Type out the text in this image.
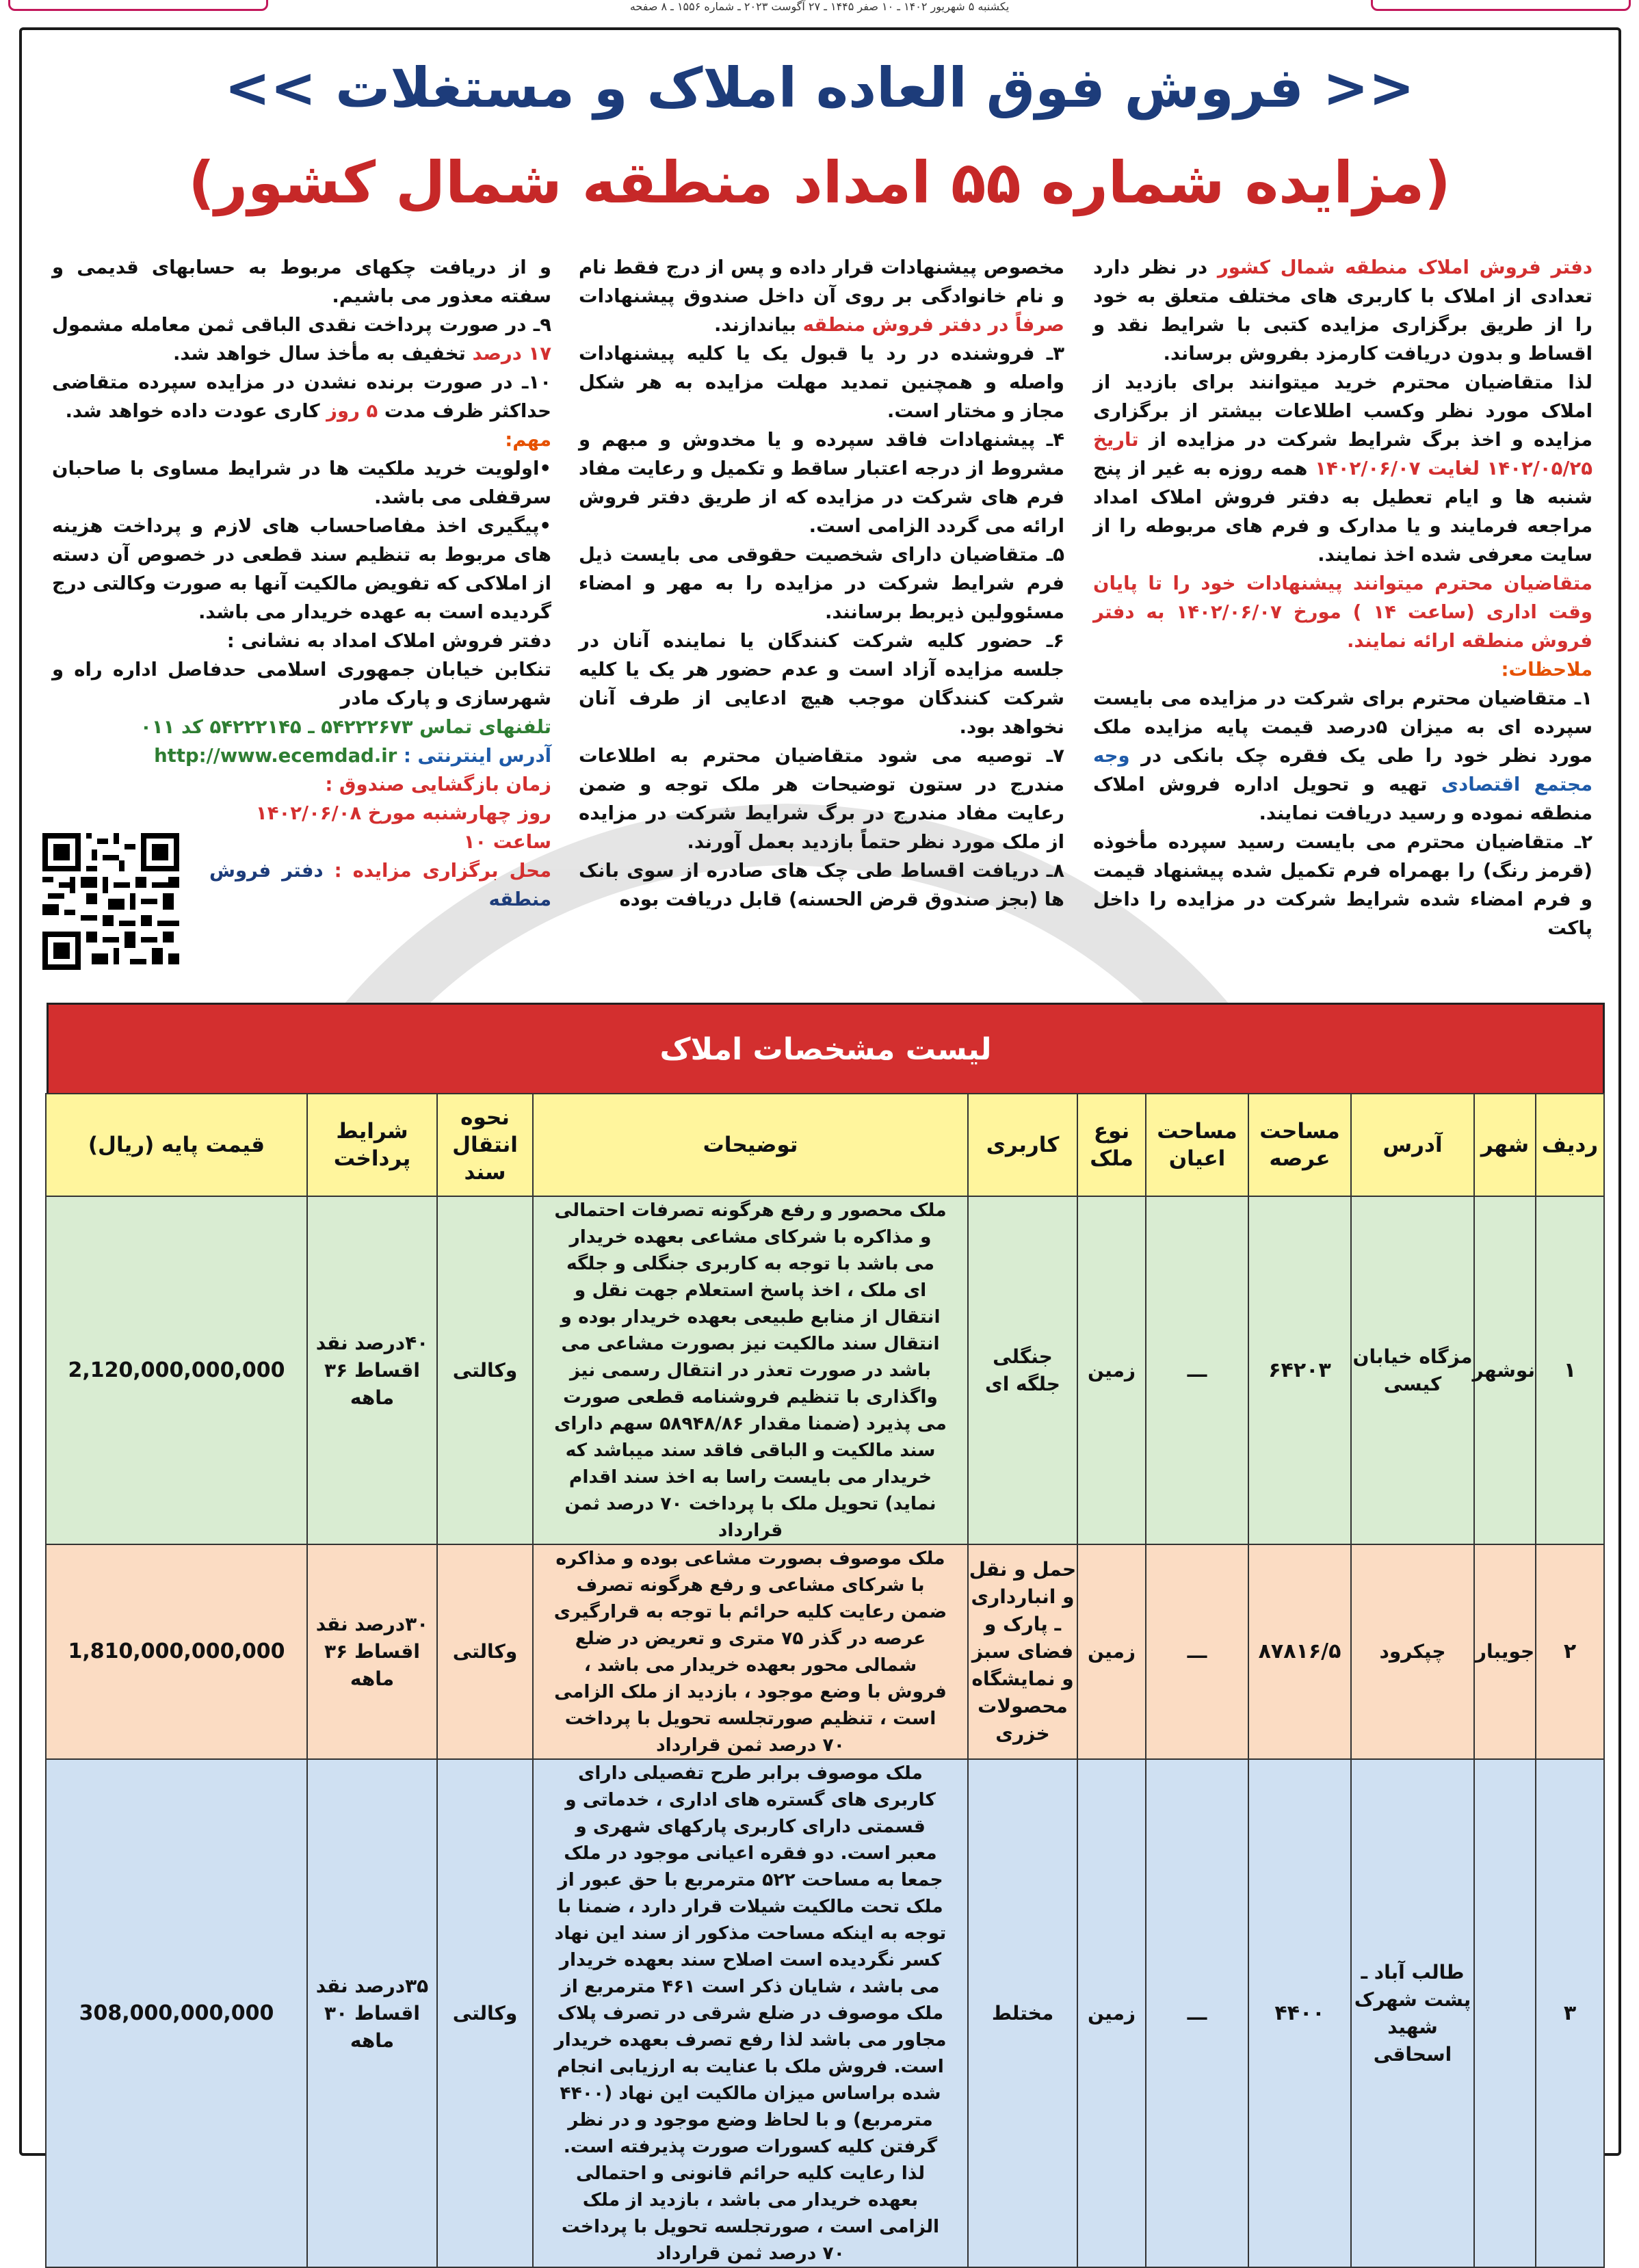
یکشنبه ۵ شهریور ۱۴۰۲ ـ ۱۰ صفر ۱۴۴۵ ـ ۲۷ آگوست ۲۰۲۳ ـ شماره ۱۵۵۶ ـ ۸ صفحه
<< فروش فوق العاده املاک و مستغلات >>
(مزایده شماره ۵۵ امداد منطقه شمال کشور)

دفتر فروش املاک منطقه شمال کشور در نظر دارد تعدادی از املاک با کاربری های مختلف متعلق به خود را از طریق برگزاری مزایده کتبی با شرایط نقد و اقساط و بدون دریافت کارمزد بفروش برساند.

لذا متقاضیان محترم خرید میتوانند برای بازدید از املاک مورد نظر وکسب اطلاعات بیشتر از برگزاری مزایده و اخذ برگ شرایط شرکت در مزایده از تاریخ ۱۴۰۲/۰۵/۲۵ لغایت ۱۴۰۲/۰۶/۰۷ همه روزه به غیر از پنج شنبه ها و ایام تعطیل به دفتر فروش املاک امداد مراجعه فرمایند و یا مدارک و فرم های مربوطه را از سایت معرفی شده اخذ نمایند.

متقاضیان محترم میتوانند پیشنهادات خود را تا پایان وقت اداری (ساعت ۱۴ ) مورخ ۱۴۰۲/۰۶/۰۷ به دفتر فروش منطقه ارائه نمایند.

ملاحظات:

۱ـ متقاضیان محترم برای شرکت در مزایده می بایست سپرده ای به میزان ۵درصد قیمت پایه مزایده ملک مورد نظر خود را طی یک فقره چک بانکی در وجه مجتمع اقتصادی تهیه و تحویل اداره فروش املاک منطقه نموده و رسید دریافت نمایند.

۲ـ متقاضیان محترم می بایست رسید سپرده مأخوذه (قرمز رنگ) را بهمراه فرم تکمیل شده پیشنهاد قیمت و فرم امضاء شده شرایط شرکت در مزایده را داخل پاکت

مخصوص پیشنهادات قرار داده و پس از درج فقط نام و نام خانوادگی بر روی آن داخل صندوق پیشنهادات صرفاً در دفتر فروش منطقه بیاندازند.

۳ـ فروشنده در رد یا قبول یک یا کلیه پیشنهادات واصله و همچنین تمدید مهلت مزایده به هر شکل مجاز و مختار است.

۴ـ پیشنهادات فاقد سپرده و یا مخدوش و مبهم و مشروط از درجه اعتبار ساقط و تکمیل و رعایت مفاد فرم های شرکت در مزایده که از طریق دفتر فروش ارائه می گردد الزامی است.

۵ـ متقاضیان دارای شخصیت حقوقی می بایست ذیل فرم شرایط شرکت در مزایده را به مهر و امضاء مسئوولین ذیربط برسانند.

۶ـ حضور کلیه شرکت کنندگان یا نماینده آنان در جلسه مزایده آزاد است و عدم حضور هر یک یا کلیه شرکت کنندگان موجب هیچ ادعایی از طرف آنان نخواهد بود.

۷ـ توصیه می شود متقاضیان محترم به اطلاعات مندرج در ستون توضیحات هر ملک توجه و ضمن رعایت مفاد مندرج در برگ شرایط شرکت در مزایده از ملک مورد نظر حتماً بازدید بعمل آورند.

۸ـ دریافت اقساط طی چک های صادره از سوی بانک ها (بجز صندوق قرض الحسنه) قابل دریافت بوده

و از دریافت چکهای مربوط به حسابهای قدیمی و سفته معذور می باشیم.

۹ـ در صورت پرداخت نقدی الباقی ثمن معامله مشمول ۱۷ درصد تخفیف به مأخذ سال خواهد شد.

۱۰ـ در صورت برنده نشدن در مزایده سپرده متقاضی حداکثر ظرف مدت ۵ روز کاری عودت داده خواهد شد.

مهم:

•اولویت خرید ملکیت ها در شرایط مساوی با صاحبان سرقفلی می باشد.

•پیگیری اخذ مفاصاحساب های لازم و پرداخت هزینه های مربوط به تنظیم سند قطعی در خصوص آن دسته از املاکی که تفویض مالکیت آنها به صورت وکالتی درج گردیده است به عهده خریدار می باشد.

دفتر فروش املاک امداد به نشانی :

تنکابن خیابان جمهوری اسلامی حدفاصل اداره راه و شهرسازی و پارک مادر

تلفنهای تماس ۵۴۲۲۲۶۷۳ ـ ۵۴۲۲۲۱۴۵ کد ۰۱۱

آدرس اینترنتی : http://www.ecemdad.ir

زمان بازگشایی صندوق :

روز چهارشنبه مورخ ۱۴۰۲/۰۶/۰۸

ساعت ۱۰

محل برگزاری مزایده : دفتر فروش منطقه

لیست مشخصات املاک
ردیف	شهر	آدرس	مساحت عرصه	مساحت اعیان	نوع ملک	کاربری	توضیحات	نحوه انتقال سند	شرایط پرداخت	قیمت پایه (ریال)
۱	نوشهر	مزگاه خیابان کیسی	۶۴۲۰۳	ـــ	زمین	جنگلی جلگه ای	ملک محصور و رفع هرگونه تصرفات احتمالی و مذاکره با شرکای مشاعی بعهده خریدار می باشد با توجه به کاربری جنگلی و جلگه ای ملک ، اخذ پاسخ استعلام جهت نقل و انتقال از منابع طبیعی بعهده خریدار بوده و انتقال سند مالکیت نیز بصورت مشاعی می باشد در صورت تعذر در انتقال رسمی نیز واگذاری با تنظیم فروشنامه قطعی صورت می پذیرد (ضمنا مقدار ۵۸۹۴۸/۸۶ سهم دارای سند مالکیت و الباقی فاقد سند میباشد که خریدار می بایست راسا به اخذ سند اقدام نماید) تحویل ملک با پرداخت ۷۰ درصد ثمن قرارداد	وکالتی	۴۰درصد نقد اقساط ۳۶ ماهه	2,120,000,000,000
۲	جویبار	چپکرود	۸۷۸۱۶/۵	ـــ	زمین	حمل و نقل و انبارداری ـ پارک و فضای سبز و نمایشگاه محصولات خزری	ملک موصوف بصورت مشاعی بوده و مذاکره با شرکای مشاعی و رفع هرگونه تصرف ضمن رعایت کلیه حرائم با توجه به قرارگیری عرصه در گذر ۷۵ متری و تعریض در ضلع شمالی محور بعهده خریدار می باشد ، فروش با وضع موجود ، بازدید از ملک الزامی است ، تنظیم صورتجلسه تحویل با پرداخت ۷۰ درصد ثمن قرارداد	وکالتی	۳۰درصد نقد اقساط ۳۶ ماهه	1,810,000,000,000
۳		طالب آباد ـ پشت شهرک شهید اسحاقی	۴۴۰۰	ـــ	زمین	مختلط	ملک موصوف برابر طرح تفصیلی دارای کاربری های گستره های اداری ، خدماتی و قسمتی دارای کاربری پارکهای شهری و معبر است. دو فقره اعیانی موجود در ملک جمعا به مساحت ۵۲۲ مترمربع با حق عبور از ملک تحت مالکیت شیلات قرار دارد ، ضمنا با توجه به اینکه مساحت مذکور از سند این نهاد کسر نگردیده است اصلاح سند بعهده خریدار می باشد ، شایان ذکر است ۴۶۱ مترمربع از ملک موصوف در ضلع شرقی در تصرف پلاک مجاور می باشد لذا رفع تصرف بعهده خریدار است. فروش ملک با عنایت به ارزیابی انجام شده براساس میزان مالکیت این نهاد (۴۴۰۰ مترمربع) و با لحاظ وضع موجود و در نظر گرفتن کلیه کسورات صورت پذیرفته است. لذا رعایت کلیه حرائم قانونی و احتمالی بعهده خریدار می باشد ، بازدید از ملک الزامی است ، صورتجلسه تحویل با پرداخت ۷۰ درصد ثمن قرارداد	وکالتی	۳۵درصد نقد اقساط ۳۰ ماهه	308,000,000,000
